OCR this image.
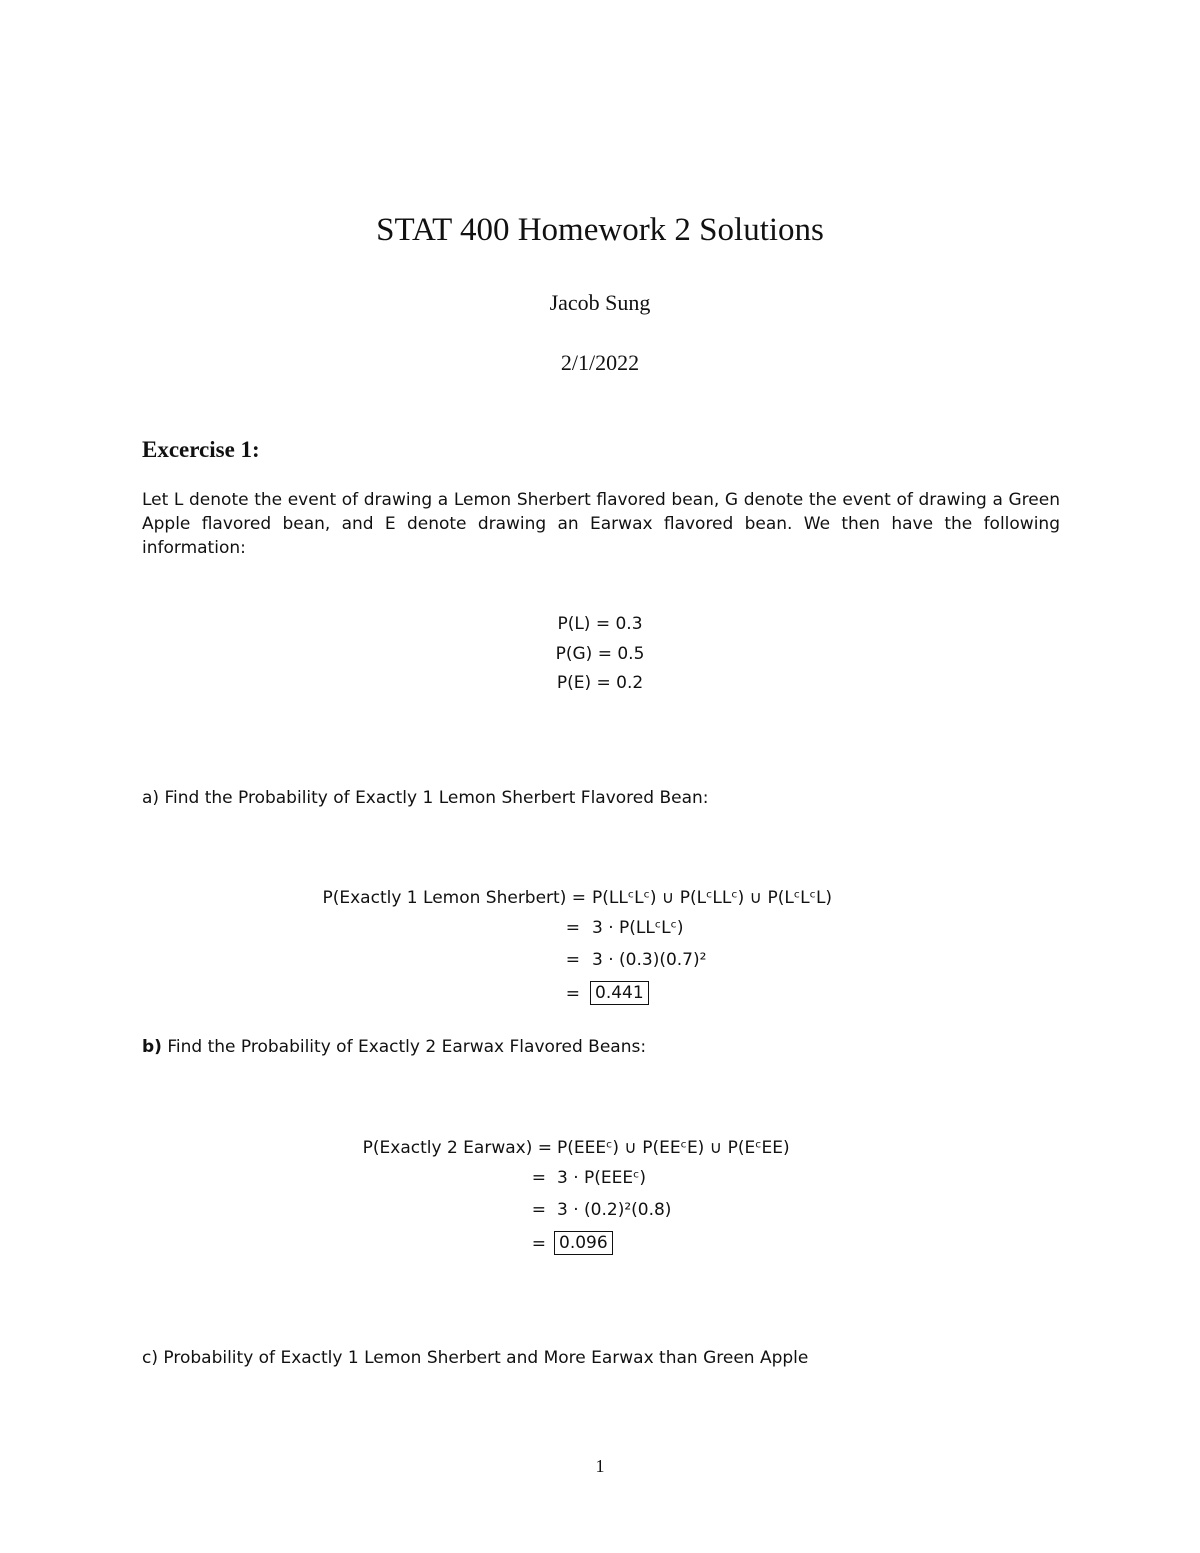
STAT 400 Homework 2 Solutions
Jacob Sung
2/1/2022
Excercise 1:
Let L denote the event of drawing a Lemon Sherbert flavored bean, G denote the event of drawing a Green Apple flavored bean, and E denote drawing an Earwax flavored bean. We then have the following information:
P(L) = 0.3
P(G) = 0.5
P(E) = 0.2
a) Find the Probability of Exactly 1 Lemon Sherbert Flavored Bean:
P(Exactly 1 Lemon Sherbert) = P(LLᶜLᶜ) ∪ P(LᶜLLᶜ) ∪ P(LᶜLᶜL)
= 3 · P(LLᶜLᶜ)
= 3 · (0.3)(0.7)²
= 0.441
b) Find the Probability of Exactly 2 Earwax Flavored Beans:
P(Exactly 2 Earwax) = P(EEEᶜ) ∪ P(EEᶜE) ∪ P(EᶜEE)
= 3 · P(EEEᶜ)
= 3 · (0.2)²(0.8)
= 0.096
c) Probability of Exactly 1 Lemon Sherbert and More Earwax than Green Apple
1
